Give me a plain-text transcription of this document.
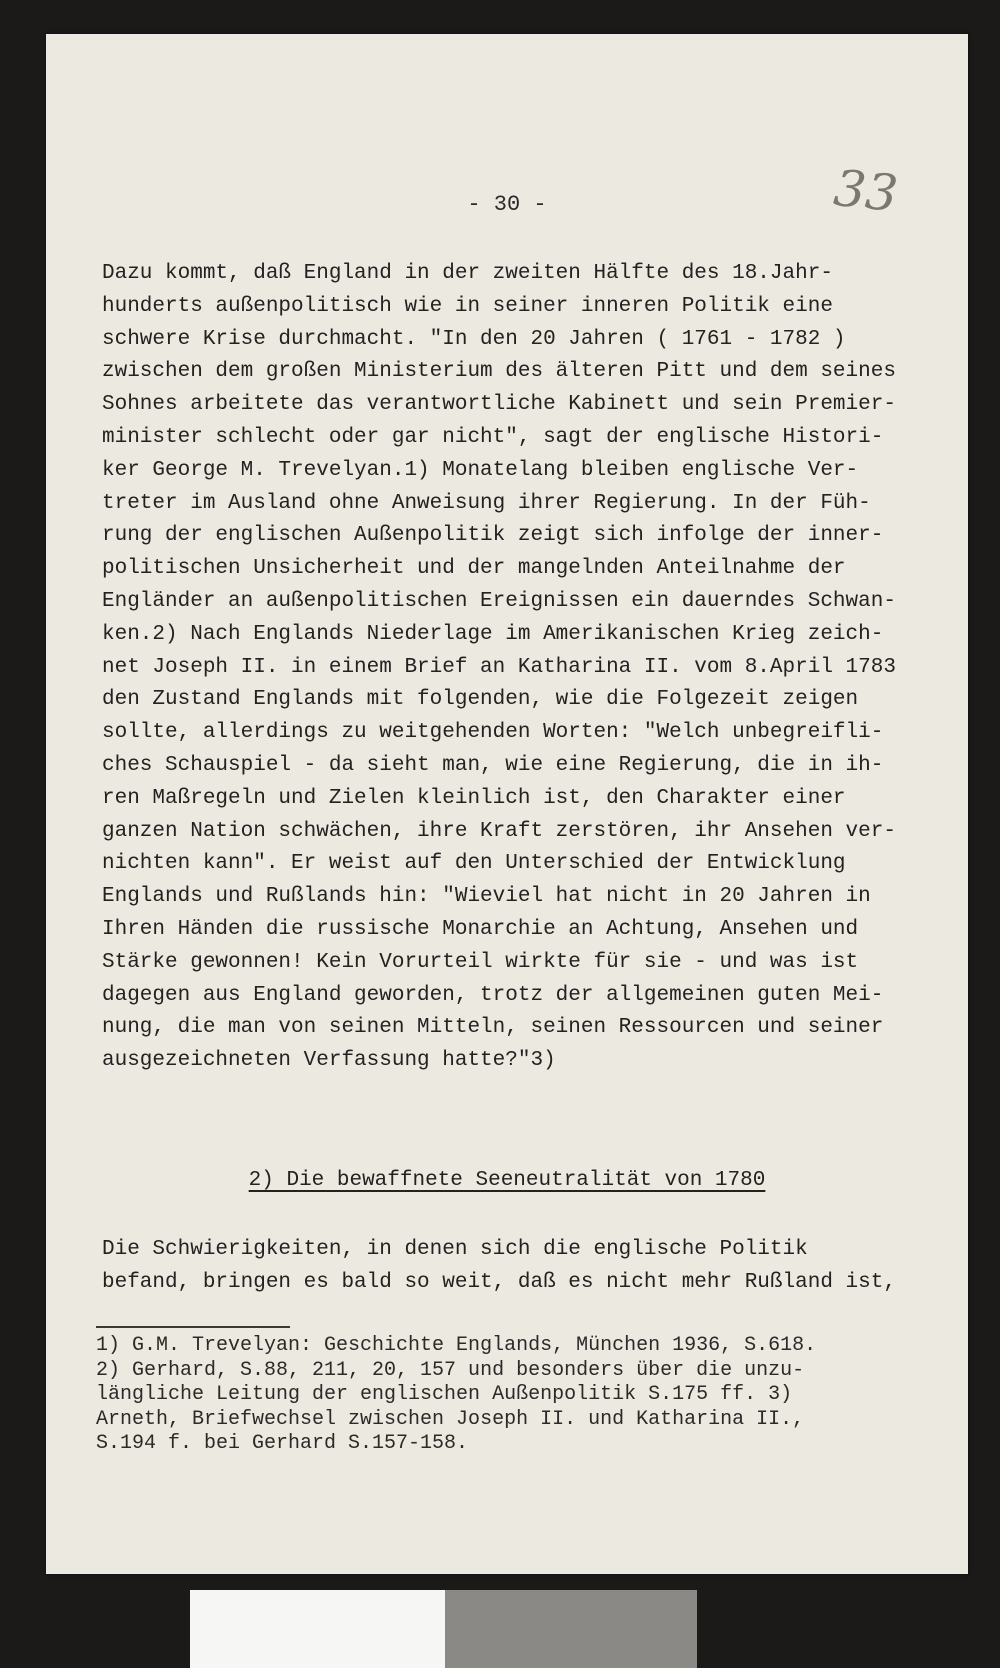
- 30 -	33
Dazu kommt, daß England in der zweiten Hälfte des 18.Jahr-
hunderts außenpolitisch wie in seiner inneren Politik eine
schwere Krise durchmacht. "In den 20 Jahren ( 1761 - 1782 )
zwischen dem großen Ministerium des älteren Pitt und dem seines
Sohnes arbeitete das verantwortliche Kabinett und sein Premier-
minister schlecht oder gar nicht", sagt der englische Histori-
ker George M. Trevelyan.1) Monatelang bleiben englische Ver-
treter im Ausland ohne Anweisung ihrer Regierung. In der Füh-
rung der englischen Außenpolitik zeigt sich infolge der inner-
politischen Unsicherheit und der mangelnden Anteilnahme der
Engländer an außenpolitischen Ereignissen ein dauerndes Schwan-
ken.2) Nach Englands Niederlage im Amerikanischen Krieg zeich-
net Joseph II. in einem Brief an Katharina II. vom 8.April 1783
den Zustand Englands mit folgenden, wie die Folgezeit zeigen
sollte, allerdings zu weitgehenden Worten: "Welch unbegreifli-
ches Schauspiel - da sieht man, wie eine Regierung, die in ih-
ren Maßregeln und Zielen kleinlich ist, den Charakter einer
ganzen Nation schwächen, ihre Kraft zerstören, ihr Ansehen ver-
nichten kann". Er weist auf den Unterschied der Entwicklung
Englands und Rußlands hin: "Wieviel hat nicht in 20 Jahren in
Ihren Händen die russische Monarchie an Achtung, Ansehen und
Stärke gewonnen! Kein Vorurteil wirkte für sie - und was ist
dagegen aus England geworden, trotz der allgemeinen guten Mei-
nung, die man von seinen Mitteln, seinen Ressourcen und seiner
ausgezeichneten Verfassung hatte?"3)
2) Die bewaffnete Seeneutralität von 1780
Die Schwierigkeiten, in denen sich die englische Politik
befand, bringen es bald so weit, daß es nicht mehr Rußland ist,
1) G.M. Trevelyan: Geschichte Englands, München 1936, S.618.
2) Gerhard, S.88, 211, 20, 157 und besonders über die unzu-
längliche Leitung der englischen Außenpolitik S.175 ff. 3)
Arneth, Briefwechsel zwischen Joseph II. und Katharina II.,
S.194 f. bei Gerhard S.157-158.
